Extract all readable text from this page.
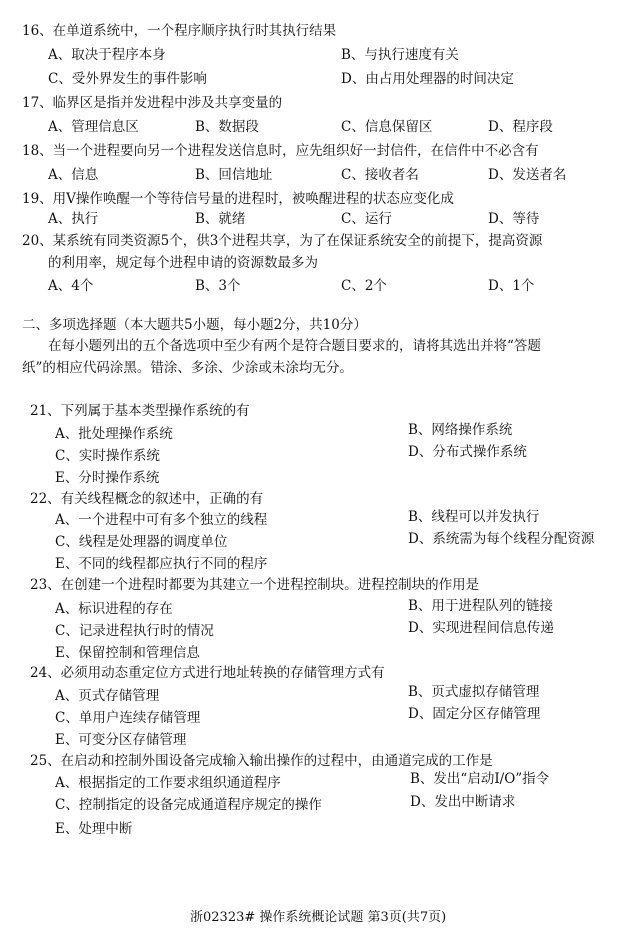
16、在单道系统中，一个程序顺序执行时其执行结果
A、取决于程序本身	B、与执行速度有关
C、受外界发生的事件影响	D、由占用处理器的时间决定
17、临界区是指并发进程中涉及共享变量的
A、管理信息区	B、数据段	C、信息保留区	D、程序段
18、当一个进程要向另一个进程发送信息时，应先组织好一封信件，在信件中不必含有
A、信息	B、回信地址	C、接收者名	D、发送者名
19、用V操作唤醒一个等待信号量的进程时，被唤醒进程的状态应变化成
A、执行	B、就绪	C、运行	D、等待
20、某系统有同类资源5个，供3个进程共享，为了在保证系统安全的前提下，提高资源
的利用率，规定每个进程申请的资源数最多为
A、4个	B、3个	C、2个	D、1个
二、多项选择题（本大题共5小题，每小题2分，共10分）
在每小题列出的五个备选项中至少有两个是符合题目要求的，请将其选出并将“答题
纸”的相应代码涂黑。错涂、多涂、少涂或未涂均无分。
21、下列属于基本类型操作系统的有
A、批处理操作系统	B、网络操作系统
C、实时操作系统	D、分布式操作系统
E、分时操作系统
22、有关线程概念的叙述中，正确的有
A、一个进程中可有多个独立的线程	B、线程可以并发执行
C、线程是处理器的调度单位	D、系统需为每个线程分配资源
E、不同的线程都应执行不同的程序
23、在创建一个进程时都要为其建立一个进程控制块。进程控制块的作用是
A、标识进程的存在	B、用于进程队列的链接
C、记录进程执行时的情况	D、实现进程间信息传递
E、保留控制和管理信息
24、必须用动态重定位方式进行地址转换的存储管理方式有
A、页式存储管理	B、页式虚拟存储管理
C、单用户连续存储管理	D、固定分区存储管理
E、可变分区存储管理
25、在启动和控制外围设备完成输入输出操作的过程中，由通道完成的工作是
A、根据指定的工作要求组织通道程序	B、发出“启动I/O”指令
C、控制指定的设备完成通道程序规定的操作	D、发出中断请求
E、处理中断
浙02323# 操作系统概论试题 第3页(共7页)
